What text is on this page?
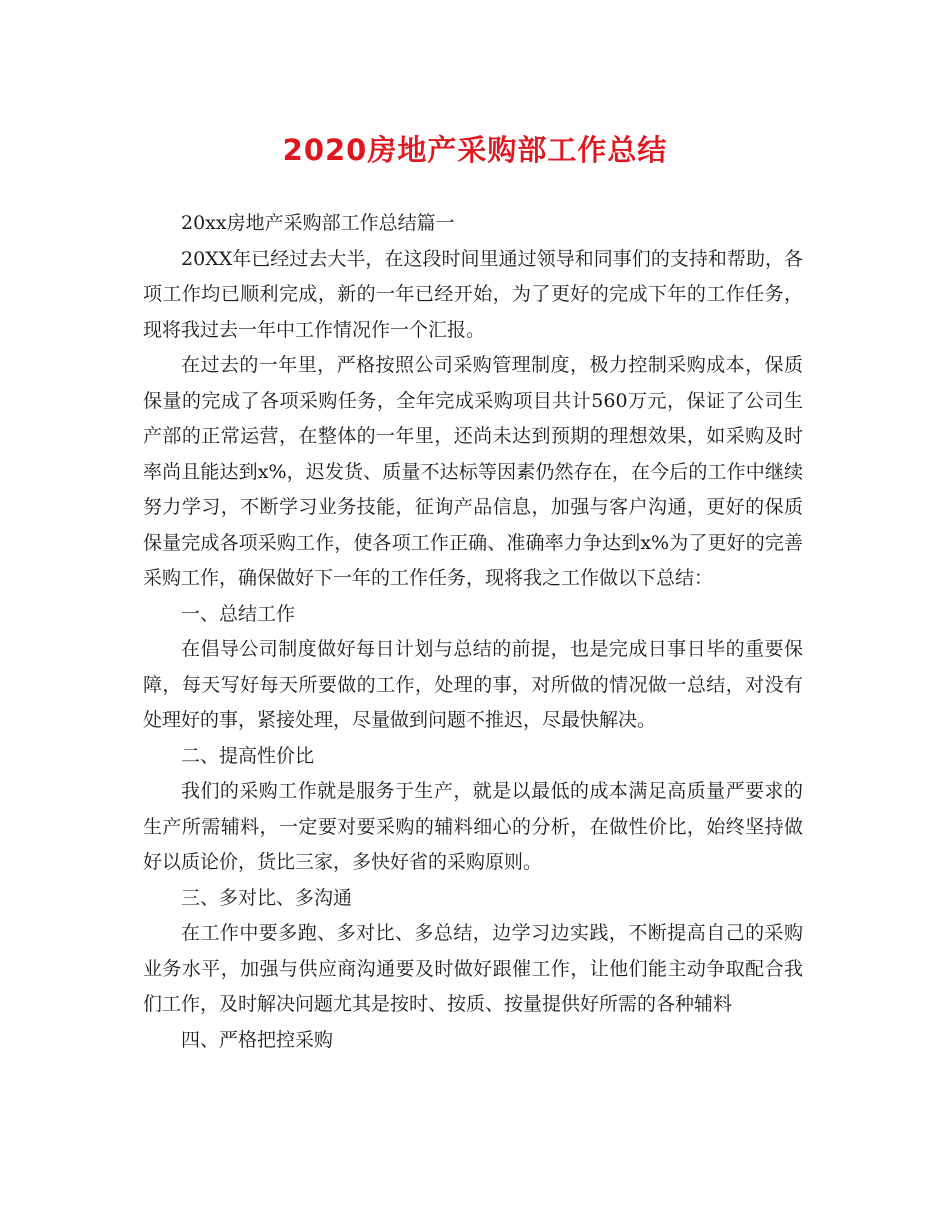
2020房地产采购部工作总结

20xx房地产采购部工作总结篇一

20XX年已经过去大半，在这段时间里通过领导和同事们的支持和帮助，各项工作均已顺利完成，新的一年已经开始，为了更好的完成下年的工作任务，现将我过去一年中工作情况作一个汇报。

在过去的一年里，严格按照公司采购管理制度，极力控制采购成本，保质保量的完成了各项采购任务，全年完成采购项目共计560万元，保证了公司生产部的正常运营，在整体的一年里，还尚未达到预期的理想效果，如采购及时率尚且能达到x%，迟发货、质量不达标等因素仍然存在，在今后的工作中继续努力学习，不断学习业务技能，征询产品信息，加强与客户沟通，更好的保质保量完成各项采购工作，使各项工作正确、准确率力争达到x%为了更好的完善采购工作，确保做好下一年的工作任务，现将我之工作做以下总结：

一、总结工作

在倡导公司制度做好每日计划与总结的前提，也是完成日事日毕的重要保障，每天写好每天所要做的工作，处理的事，对所做的情况做一总结，对没有处理好的事，紧接处理，尽量做到问题不推迟，尽最快解决。

二、提高性价比

我们的采购工作就是服务于生产，就是以最低的成本满足高质量严要求的生产所需辅料，一定要对要采购的辅料细心的分析，在做性价比，始终坚持做好以质论价，货比三家，多快好省的采购原则。

三、多对比、多沟通

在工作中要多跑、多对比、多总结，边学习边实践，不断提高自己的采购业务水平，加强与供应商沟通要及时做好跟催工作，让他们能主动争取配合我们工作，及时解决问题尤其是按时、按质、按量提供好所需的各种辅料

四、严格把控采购
